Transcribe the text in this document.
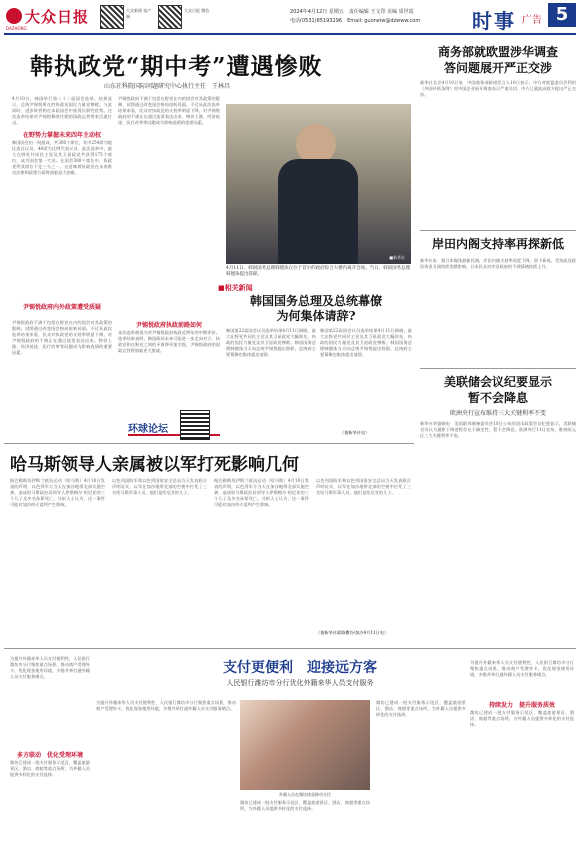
大众日报
DAZHONG
大众新闻 客户端
大众日报 微信	2024年4月12日 星期五　 责任编辑 王文印 美编 周世霞
电话(0531)85193296　 Email: guoneiw@dzwww.com	时事 广告 5
韩执政党“期中考”遭遇惨败
山东社科院国际问题研究中心执行主任　王林昌
4月10日，韩国举行第二十二届国会选举。结果显示，总统尹锡悦所在的执政党国民力量党惨败，与此同时，进步阵营则在本届国会中获得压倒性优势。这次选举结果对尹锡悦剩余任期的国政运营带来沉重打击。
在野势力掌握未来四年主动权
韩国国会由一院组成，共300个席位，其中254席为地区选区议员，46席为比例代表议员。此次选举中，最大在野党共同民主党及其卫星政党共获得175个席位，成为国会第一大党。在国会300个席位中，执政党所获席位不足三分之一，这意味着执政党在未来推动法律和政策方面将面临很大困难。
尹锡悦政府内外政策遭受质疑
尹锡悦政府不满于包括在野党在内的国会对其政策的限制，试图通过改变国会格局扭转局面。不过从此次选举结果来看，民众对执政党的支持率明显下降，对尹锡悦政府的不满正在通过选票表达出来。物价上涨、经济低迷、医疗改革等问题成为影响选情的重要因素。
尹锡悦政府不满于包括在野党在内的国会对其政策的限制，试图通过改变国会格局扭转局面。不过从此次选举结果来看，民众对执政党的支持率明显下降，对尹锡悦政府的不满正在通过选票表达出来。物价上涨、经济低迷、医疗改革等问题成为影响选情的重要因素。
尹锡悦政府执政前路如何
本次选举被视为对尹锡悦政府执政近两年的中期评价。选举结果表明，韩国政局未来可能进一步走向对立，执政党和在野党之间的矛盾将更加尖锐，尹锡悦政府的国政运营将面临更大挑战。
■新华社
4月11日，韩国国务总理韩德洙在位于首尔的政府综合大楼内离开会场。当日，韩国国务总理韩德洙提出辞职。
■相关新闻
韩国国务总理及总统幕僚为何集体请辞?
韩国第22届国会议员选举结果4月11日揭晓，最大在野党共同民主党及其卫星政党大幅领先，执政的国民力量党及其卫星政党惨败。韩国国务总理韩德洙当天向总统尹锡悦提出辞职，总统府主要幕僚也集体提出请辞。
韩国第22届国会议员选举结果4月11日揭晓，最大在野党共同民主党及其卫星政党大幅领先，执政的国民力量党及其卫星政党惨败。韩国国务总理韩德洙当天向总统尹锡悦提出辞职，总统府主要幕僚也集体提出请辞。
（据新华社电）
环球论坛
哈马斯领导人亲属被以军打死影响几何
据巴勒斯坦伊斯兰抵抗运动（哈马斯）4月10日发表的声明，以色列军方当天在加沙地带北部实施空袭，造成哈马斯政治局领导人伊斯梅尔·哈尼亚的三个儿子及多名孙辈死亡。分析人士认为，这一事件可能对加沙停火谈判产生影响。
以色列国防军和以色列国家安全总局当天发表联合声明证实，以军在加沙地带北部的空袭中打死了三名哈马斯军事人员，他们是哈尼亚的儿子。
据巴勒斯坦伊斯兰抵抗运动（哈马斯）4月10日发表的声明，以色列军方当天在加沙地带北部实施空袭，造成哈马斯政治局领导人伊斯梅尔·哈尼亚的三个儿子及多名孙辈死亡。分析人士认为，这一事件可能对加沙停火谈判产生影响。
以色列国防军和以色列国家安全总局当天发表联合声明证实，以军在加沙地带北部的空袭中打死了三名哈马斯军事人员，他们是哈尼亚的儿子。
（据新华社耶路撒冷/加沙4月11日电）
商务部就欧盟涉华调查
答问题展开严正交涉
新华社北京4月10日电　中国商务部新闻发言人10日表示，中方对欧盟委员会利用《外国补贴条例》对中国企业展开调查表示严重关切，中方已就此向欧方提出严正交涉。
岸田内阁支持率再探新低
新华社电　据日本媒体最新民调，岸田内阁支持率再度下降，创下新低。受执政党政治资金丑闻持续发酵影响，日本民众对岸田政府的不满情绪持续上升。
美联储会议纪要显示
暂不会降息
欧洲央行宣布维持三大关键利率不变
新华社华盛顿电　美国联邦储备委员会10日公布的货币政策会议纪要显示，美联储官员认为通胀下降进程存在不确定性，暂不会降息。欧洲央行11日宣布，维持欧元区三大关键利率不变。
支付更便利　迎接远方客
人民银行潍坊市分行优化外籍来华人员支付服务
为提升外籍来华人员支付便利性，人民银行潍坊市分行聚焦重点场景，推动商户受理外卡，优化现金使用环境，多措并举打通外籍人员支付服务堵点。
多方联动　优化受理环境
潍坊已建成一批支付服务示范区，覆盖旅游景区、酒店、商超等重点场所，为外籍人员提供多样化的支付选择。
为提升外籍来华人员支付便利性，人民银行潍坊市分行聚焦重点场景，推动商户受理外卡，优化现金使用环境，多措并举打通外籍人员支付服务堵点。
外籍人员在潍坊体验移动支付
潍坊已建成一批支付服务示范区，覆盖旅游景区、酒店、商超等重点场所，为外籍人员提供多样化的支付选择。
潍坊已建成一批支付服务示范区，覆盖旅游景区、酒店、商超等重点场所，为外籍人员提供多样化的支付选择。
持续发力　提升服务质效
为提升外籍来华人员支付便利性，人民银行潍坊市分行聚焦重点场景，推动商户受理外卡，优化现金使用环境，多措并举打通外籍人员支付服务堵点。
潍坊已建成一批支付服务示范区，覆盖旅游景区、酒店、商超等重点场所，为外籍人员提供多样化的支付选择。
